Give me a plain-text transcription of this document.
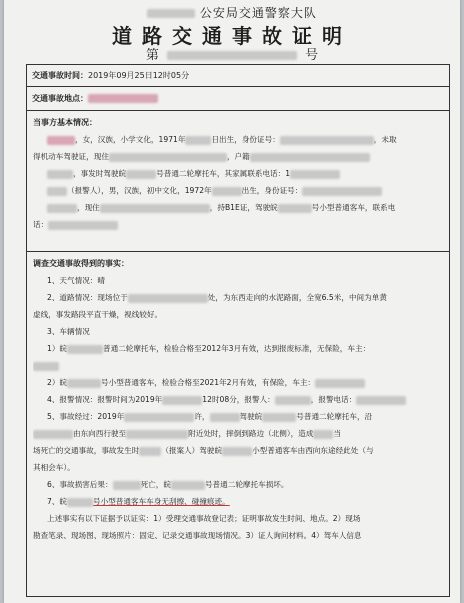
公安局交通警察大队
道路交通事故证明
第	号
交通事故时间： 2019年09月25日12时05分
交通事故地点：
当事方基本情况：
，女，汉族，小学文化，1971年	日出生，身份证号：	，未取
得机动车驾驶证，现住	，户籍
，事发时驾驶皖	号普通二轮摩托车，其家属联系电话：1
（报警人），男，汉族，初中文化，1972年	出生，身份证号：
，现住	，持B1E证，驾驶皖	号小型普通客车，联系电
话：
调查交通事故得到的事实：
1、天气情况：晴
2、道路情况：现场位于	处，为东西走向的水泥路面，全宽6.5米，中间为单黄
虚线，事发路段平直干燥，视线较好。
3、车辆情况
1）皖	普通二轮摩托车，检验合格至2012年3月有效，达到报废标准，无保险，车主：
2）皖	号小型普通客车，检验合格至2021年2月有效，有保险，车主：
4、报警情况：报警时间为2019年	12时08分，报警人：	，报警电话：
5、事故经过：2019年	许，	驾驶皖	号普通二轮摩托车，沿
由东向西行驶至	附近处时，摔倒到路边（北侧），造成	当
场死亡的交通事故，事故发生时	（报案人）驾驶皖	小型普通客车由西向东途经此处（与
其相会车）。
6、事故损害后果：	死亡，皖	号普通二轮摩托车损坏。
7、皖	号小型普通客车车身无刮擦、碰撞痕迹。
上述事实有以下证据予以证实：1）受理交通事故登记表；证明事故发生时间、地点。2）现场
勘查笔录、现场图、现场照片：固定、记录交通事故现场情况。3）证人询问材料。4）驾车人信息
